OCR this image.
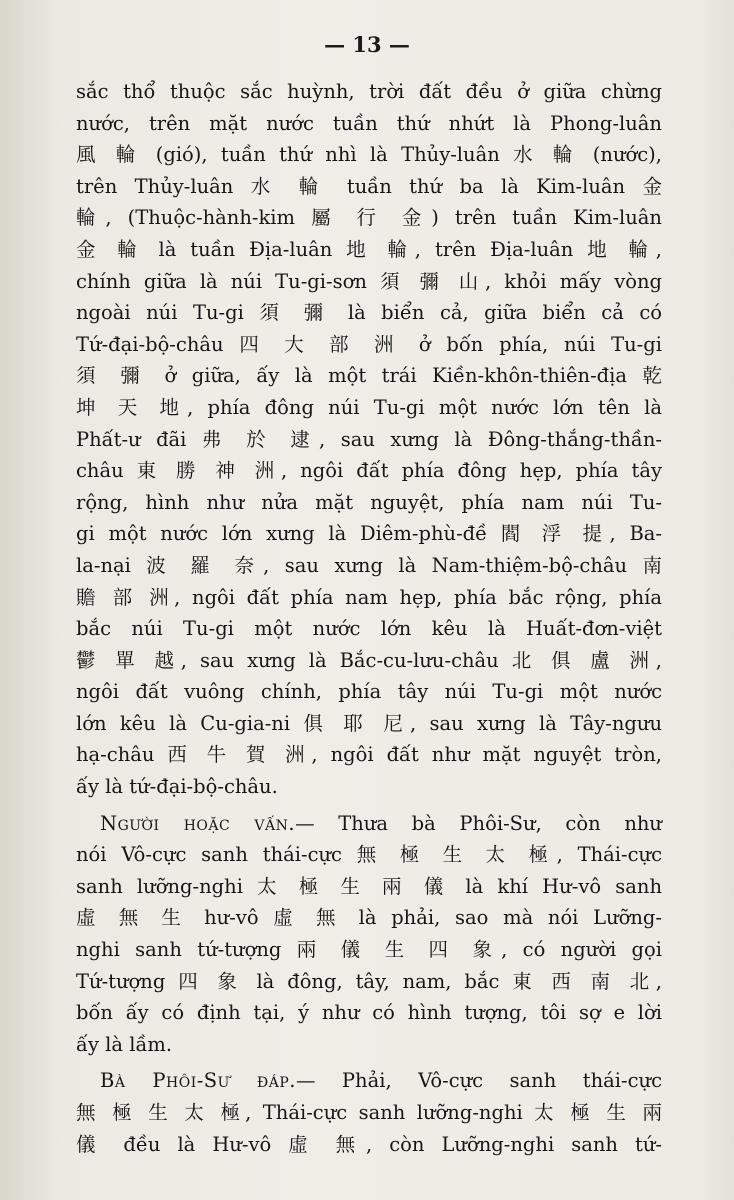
— 13 —
sắc thổ thuộc sắc huỳnh, trời đất đều ở giữa chừng
nước, trên mặt nước tuần thứ nhứt là Phong-luân
風 輪 (gió), tuần thứ nhì là Thủy-luân 水 輪 (nước),
trên Thủy-luân 水 輪 tuần thứ ba là Kim-luân 金
輪, (Thuộc-hành-kim 屬 行 金) trên tuần Kim-luân
金 輪 là tuần Địa-luân 地 輪, trên Địa-luân 地 輪,
chính giữa là núi Tu-gi-sơn 須 彌 山, khỏi mấy vòng
ngoài núi Tu-gi 須 彌 là biển cả, giữa biển cả có
Tứ-đại-bộ-châu 四 大 部 洲 ở bốn phía, núi Tu-gi
須 彌 ở giữa, ấy là một trái Kiền-khôn-thiên-địa 乾
坤 天 地, phía đông núi Tu-gi một nước lớn tên là
Phất-ư đãi 弗 於 逮, sau xưng là Đông-thắng-thần-
châu 東 勝 神 洲, ngôi đất phía đông hẹp, phía tây
rộng, hình như nửa mặt nguyệt, phía nam núi Tu-
gi một nước lớn xưng là Diêm-phù-đề 閻 浮 提, Ba-
la-nại 波 羅 奈, sau xưng là Nam-thiệm-bộ-châu 南
贍 部 洲, ngôi đất phía nam hẹp, phía bắc rộng, phía
bắc núi Tu-gi một nước lớn kêu là Huất-đơn-việt
鬱 單 越, sau xưng là Bắc-cu-lưu-châu 北 俱 盧 洲,
ngôi đất vuông chính, phía tây núi Tu-gi một nước
lớn kêu là Cu-gia-ni 俱 耶 尼, sau xưng là Tây-ngưu
hạ-châu 西 牛 賀 洲, ngôi đất như mặt nguyệt tròn,
ấy là tứ-đại-bộ-châu.
Người hoặc vấn.— Thưa bà Phôi-Sư, còn như
nói Vô-cực sanh thái-cực 無 極 生 太 極, Thái-cực
sanh lưỡng-nghi 太 極 生 兩 儀 là khí Hư-vô sanh
虛 無 生 hư-vô 虛 無 là phải, sao mà nói Lưỡng-
nghi sanh tứ-tượng 兩 儀 生 四 象, có người gọi
Tứ-tượng 四 象 là đông, tây, nam, bắc 東 西 南 北,
bốn ấy có định tại, ý như có hình tượng, tôi sợ e lời
ấy là lầm.
Bà Phôi-Sư đáp.— Phải, Vô-cực sanh thái-cực
無 極 生 太 極, Thái-cực sanh lưỡng-nghi 太 極 生 兩
儀 đều là Hư-vô 虛 無, còn Lưỡng-nghi sanh tứ-
